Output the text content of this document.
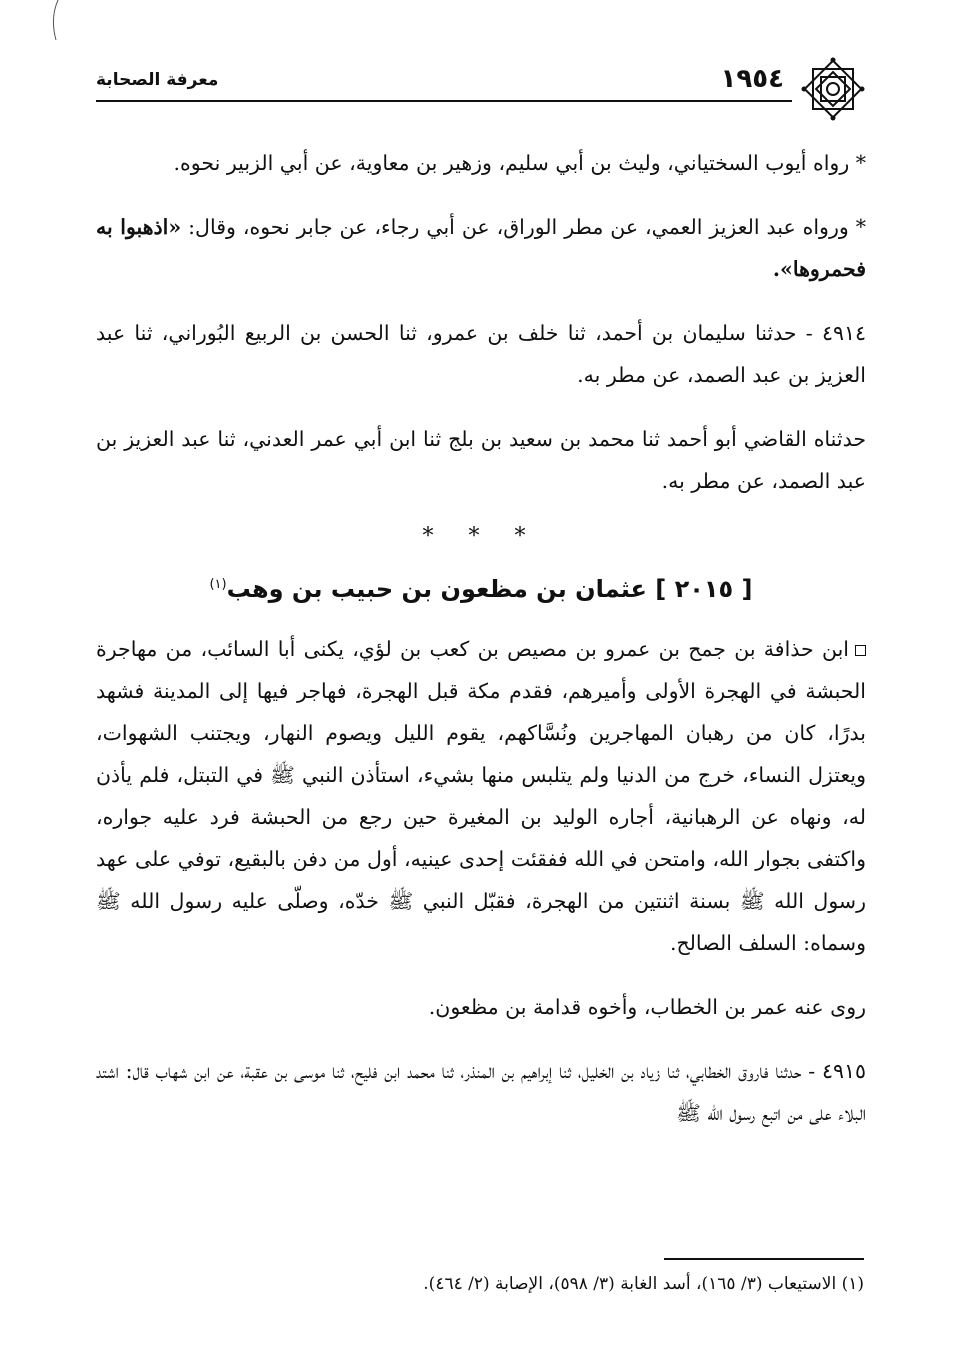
١٩٥٤
معرفة الصحابة

* رواه أيوب السختياني، وليث بن أبي سليم، وزهير بن معاوية، عن أبي الزبير نحوه.

* ورواه عبد العزيز العمي، عن مطر الوراق، عن أبي رجاء، عن جابر نحوه، وقال: «اذهبوا به فحمروها».

٤٩١٤ - حدثنا سليمان بن أحمد، ثنا خلف بن عمرو، ثنا الحسن بن الربيع البُوراني، ثنا عبد العزيز بن عبد الصمد، عن مطر به.

حدثناه القاضي أبو أحمد ثنا محمد بن سعيد بن بلج ثنا ابن أبي عمر العدني، ثنا عبد العزيز بن عبد الصمد، عن مطر به.

* * *
[ ٢٠١٥ ] عثمان بن مظعون بن حبيب بن وهب$^{(١)}$

ابن حذافة بن جمح بن عمرو بن مصيص بن كعب بن لؤي، يكنى أبا السائب، من مهاجرة الحبشة في الهجرة الأولى وأميرهم، فقدم مكة قبل الهجرة، فهاجر فيها إلى المدينة فشهد بدرًا، كان من رهبان المهاجرين ونُسَّاكهم، يقوم الليل ويصوم النهار، ويجتنب الشهوات، ويعتزل النساء، خرج من الدنيا ولم يتلبس منها بشيء، استأذن النبي ﷺ في التبتل، فلم يأذن له، ونهاه عن الرهبانية، أجاره الوليد بن المغيرة حين رجع من الحبشة فرد عليه جواره، واكتفى بجوار الله، وامتحن في الله ففقئت إحدى عينيه، أول من دفن بالبقيع، توفي على عهد رسول الله ﷺ بسنة اثنتين من الهجرة، فقبّل النبي ﷺ خدّه، وصلّى عليه رسول الله ﷺ وسماه: السلف الصالح.

روى عنه عمر بن الخطاب، وأخوه قدامة بن مظعون.

٤٩١٥ - حدثنا فاروق الخطابي، ثنا زياد بن الخليل، ثنا إبراهيم بن المنذر، ثنا محمد ابن فليح، ثنا موسى بن عقبة، عن ابن شهاب قال: اشتد البلاء على من اتبع رسول الله ﷺ

(١) الاستيعاب (٣/ ١٦٥)، أسد الغابة (٣/ ٥٩٨)، الإصابة (٢/ ٤٦٤).
